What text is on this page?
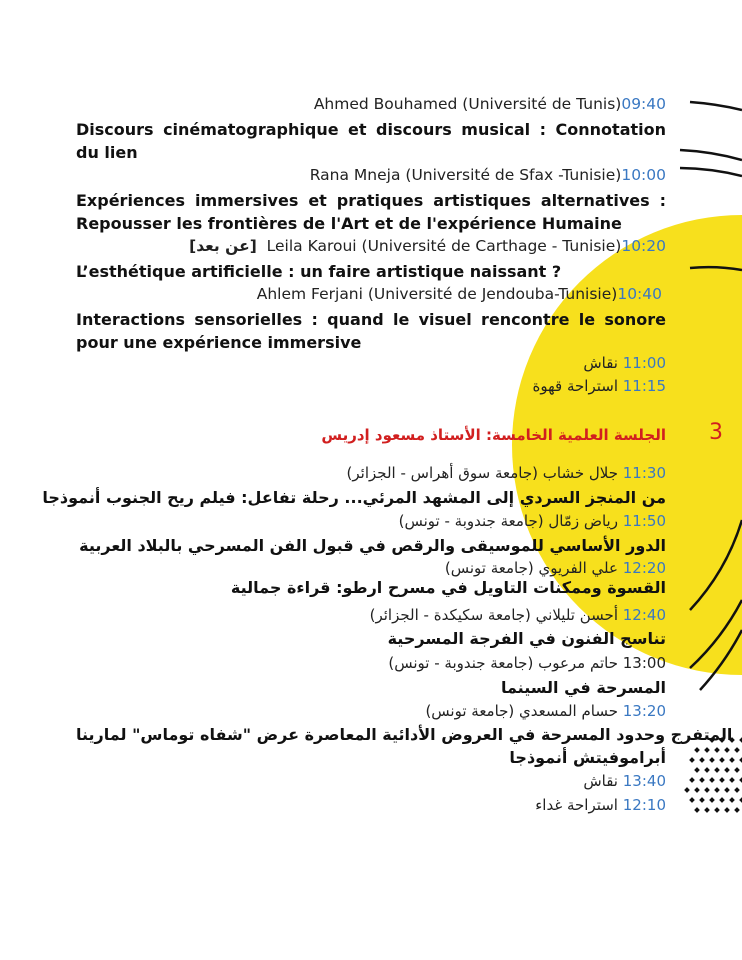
3
Ahmed Bouhamed (Université de Tunis)09:40
Discours cinématographique et discours musical : Connotation du lien
Rana Mneja (Université de Sfax -Tunisie)10:00
Expériences immersives et pratiques artistiques alternatives : Repousser les frontières de l'Art et de l'expérience Humaine
[عن بعد] Leila Karoui (Université de Carthage - Tunisie)10:20
L’esthétique artificielle : un faire artistique naissant ?
Ahlem Ferjani (Université de Jendouba-Tunisie)10:40
Interactions sensorielles : quand le visuel rencontre le sonore pour une expérience immersive
11:00 نقاش
11:15 استراحة قهوة
الجلسة العلمية الخامسة: الأستاذ مسعود إدريس
11:30 جلال خشاب (جامعة سوق أهراس - الجزائر)
من المنجز السردي إلى المشهد المرئي... رحلة تفاعل: فيلم ريح الجنوب أنموذجا
11:50 رياض زمّال (جامعة جندوبة - تونس)
الدور الأساسي للموسيقى والرقص في قبول الفن المسرحي بالبلاد العربية
12:20 علي الفريوي (جامعة تونس)
القسوة وممكنات التاويل في مسرح ارطو: قراءة جمالية
12:40 أحسن تليلاني (جامعة سكيكدة - الجزائر)
تناسج الفنون في الفرجة المسرحية
13:00 حاتم مرعوب (جامعة جندوبة - تونس)
المسرحة في السينما
13:20 حسام المسعدي (جامعة تونس)
المتفرج وحدود المسرحة في العروض الأدائية المعاصرة عرض "شفاه توماس" لمارينا
أبراموفيتش أنموذجا
13:40 نقاش
12:10 استراحة غداء
